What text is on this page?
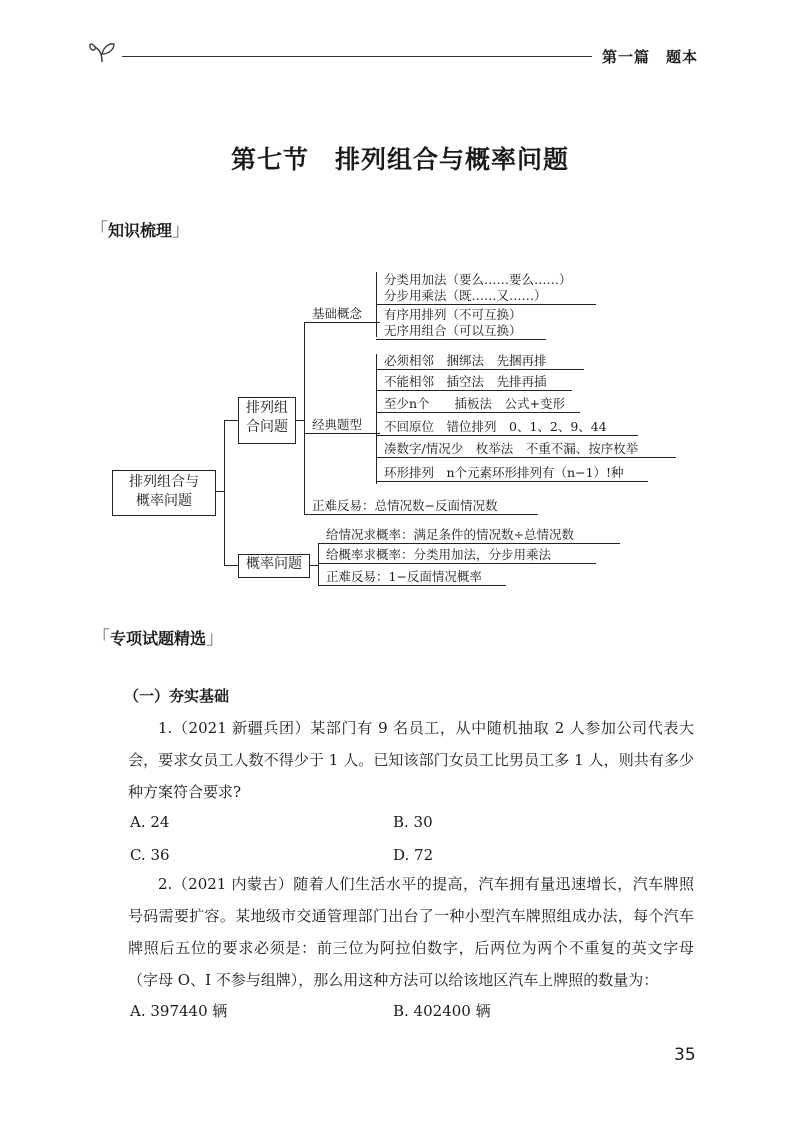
第一篇　题本
第七节　排列组合与概率问题
「知识梳理」
排列组合与
概率问题
排列组
合问题
基础概念
分类用加法（要么……要么……）
分步用乘法（既……又……）
有序用排列（不可互换）
无序用组合（可以互换）
经典题型
必须相邻　捆绑法　先捆再排
不能相邻　插空法　先排再插
至少n个　　插板法　公式+变形
不回原位　错位排列　0、1、2、9、44
凑数字/情况少　枚举法　不重不漏、按序枚举
环形排列　n个元素环形排列有（n−1）!种
正难反易：总情况数−反面情况数
概率问题
给情况求概率：满足条件的情况数÷总情况数
给概率求概率：分类用加法，分步用乘法
正难反易：1−反面情况概率
「专项试题精选」
（一）夯实基础

1.（2021 新疆兵团）某部门有 9 名员工，从中随机抽取 2 人参加公司代表大会，要求女员工人数不得少于 1 人。已知该部门女员工比男员工多 1 人，则共有多少种方案符合要求?

A. 24	B. 30
C. 36	D. 72

2.（2021 内蒙古）随着人们生活水平的提高，汽车拥有量迅速增长，汽车牌照号码需要扩容。某地级市交通管理部门出台了一种小型汽车牌照组成办法，每个汽车牌照后五位的要求必须是：前三位为阿拉伯数字，后两位为两个不重复的英文字母（字母 O、I 不参与组牌），那么用这种方法可以给该地区汽车上牌照的数量为：

A. 397440 辆	B. 402400 辆
35
